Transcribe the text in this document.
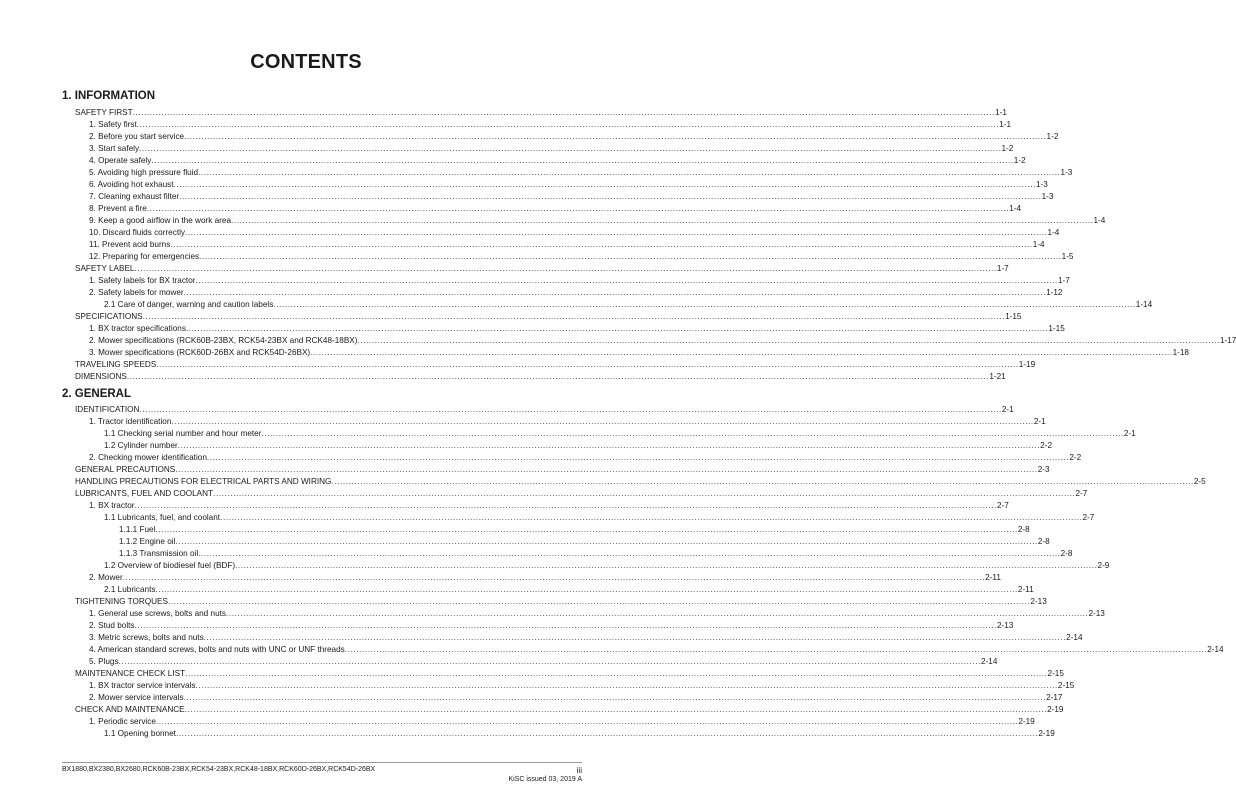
CONTENTS
1. INFORMATION
SAFETY FIRST ............................................................................................................................................................................................................................................................................................................ 1-1
1. Safety first ............................................................................................................................................................................................................................................................................................................ 1-1
2. Before you start service ............................................................................................................................................................................................................................................................................................................ 1-2
3. Start safely ............................................................................................................................................................................................................................................................................................................ 1-2
4. Operate safely ............................................................................................................................................................................................................................................................................................................ 1-2
5. Avoiding high pressure fluid ............................................................................................................................................................................................................................................................................................................ 1-3
6. Avoiding hot exhaust ............................................................................................................................................................................................................................................................................................................ 1-3
7. Cleaning exhaust filter ............................................................................................................................................................................................................................................................................................................ 1-3
8. Prevent a fire ............................................................................................................................................................................................................................................................................................................ 1-4
9. Keep a good airflow in the work area ............................................................................................................................................................................................................................................................................................................ 1-4
10. Discard fluids correctly ............................................................................................................................................................................................................................................................................................................ 1-4
11. Prevent acid burns ............................................................................................................................................................................................................................................................................................................ 1-4
12. Preparing for emergencies ............................................................................................................................................................................................................................................................................................................ 1-5
SAFETY LABEL ............................................................................................................................................................................................................................................................................................................ 1-7
1. Safety labels for BX tractor ............................................................................................................................................................................................................................................................................................................ 1-7
2. Safety labels for mower ............................................................................................................................................................................................................................................................................................................ 1-12
2.1 Care of danger, warning and caution labels ............................................................................................................................................................................................................................................................................................................ 1-14
SPECIFICATIONS ............................................................................................................................................................................................................................................................................................................ 1-15
1. BX tractor specifications ............................................................................................................................................................................................................................................................................................................ 1-15
2. Mower specifications (RCK60B-23BX, RCK54-23BX and RCK48-18BX) ............................................................................................................................................................................................................................................................................................................ 1-17
3. Mower specifications (RCK60D-26BX and RCK54D-26BX) ............................................................................................................................................................................................................................................................................................................ 1-18
TRAVELING SPEEDS ............................................................................................................................................................................................................................................................................................................ 1-19
DIMENSIONS ............................................................................................................................................................................................................................................................................................................ 1-21
2. GENERAL
IDENTIFICATION ............................................................................................................................................................................................................................................................................................................ 2-1
1. Tractor identification ............................................................................................................................................................................................................................................................................................................ 2-1
1.1 Checking serial number and hour meter ............................................................................................................................................................................................................................................................................................................ 2-1
1.2 Cylinder number ............................................................................................................................................................................................................................................................................................................ 2-2
2. Checking mower identification ............................................................................................................................................................................................................................................................................................................ 2-2
GENERAL PRECAUTIONS ............................................................................................................................................................................................................................................................................................................ 2-3
HANDLING PRECAUTIONS FOR ELECTRICAL PARTS AND WIRING ............................................................................................................................................................................................................................................................................................................ 2-5
LUBRICANTS, FUEL AND COOLANT ............................................................................................................................................................................................................................................................................................................ 2-7
1. BX tractor ............................................................................................................................................................................................................................................................................................................ 2-7
1.1 Lubricants, fuel, and coolant ............................................................................................................................................................................................................................................................................................................ 2-7
1.1.1 Fuel ............................................................................................................................................................................................................................................................................................................ 2-8
1.1.2 Engine oil ............................................................................................................................................................................................................................................................................................................ 2-8
1.1.3 Transmission oil ............................................................................................................................................................................................................................................................................................................ 2-8
1.2 Overview of biodiesel fuel (BDF) ............................................................................................................................................................................................................................................................................................................ 2-9
2. Mower ............................................................................................................................................................................................................................................................................................................ 2-11
2.1 Lubricants ............................................................................................................................................................................................................................................................................................................ 2-11
TIGHTENING TORQUES ............................................................................................................................................................................................................................................................................................................ 2-13
1. General use screws, bolts and nuts ............................................................................................................................................................................................................................................................................................................ 2-13
2. Stud bolts ............................................................................................................................................................................................................................................................................................................ 2-13
3. Metric screws, bolts and nuts ............................................................................................................................................................................................................................................................................................................ 2-14
4. American standard screws, bolts and nuts with UNC or UNF threads ............................................................................................................................................................................................................................................................................................................ 2-14
5. Plugs ............................................................................................................................................................................................................................................................................................................ 2-14
MAINTENANCE CHECK LIST ............................................................................................................................................................................................................................................................................................................ 2-15
1. BX tractor service intervals ............................................................................................................................................................................................................................................................................................................ 2-15
2. Mower service intervals ............................................................................................................................................................................................................................................................................................................ 2-17
CHECK AND MAINTENANCE ............................................................................................................................................................................................................................................................................................................ 2-19
1. Periodic service ............................................................................................................................................................................................................................................................................................................ 2-19
1.1 Opening bonnet ............................................................................................................................................................................................................................................................................................................ 2-19
BX1880,BX2380,BX2680,RCK60B-23BX,RCK54-23BX,RCK48-18BX,RCK60D-26BX,RCK54D-26BX	iii
KiSC issued 03, 2019 A
